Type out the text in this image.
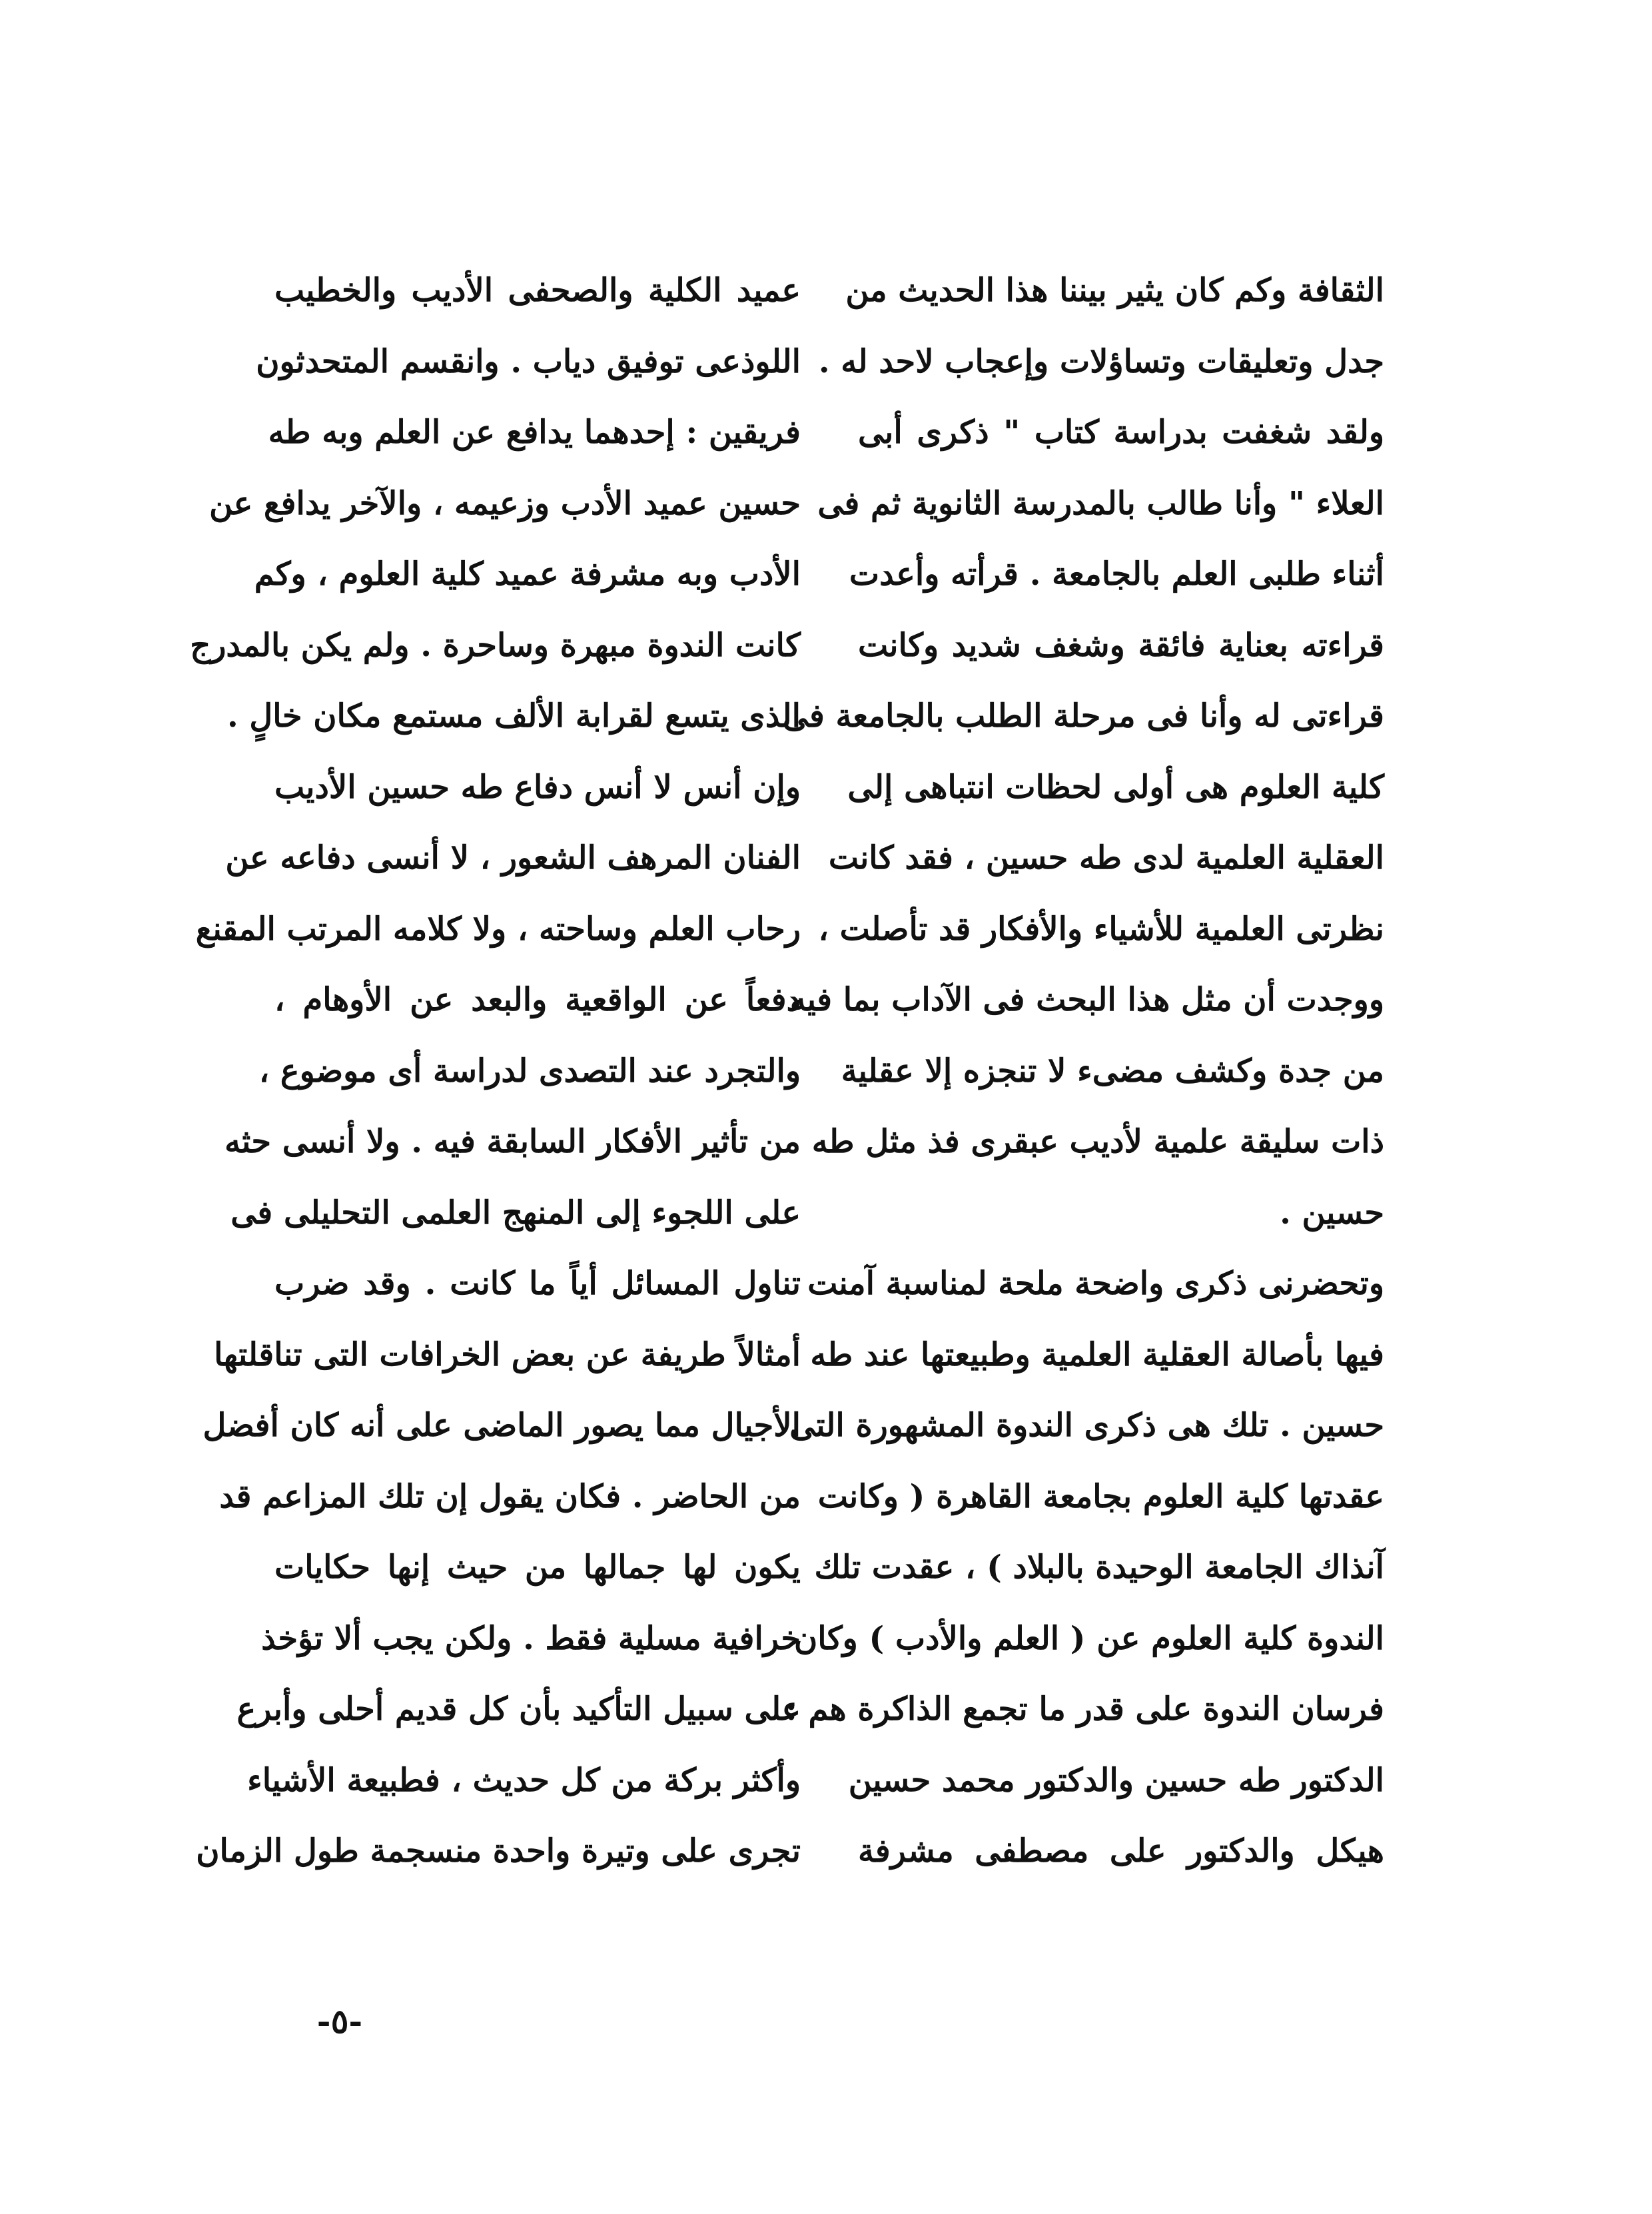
الثقافة وكم كان يثير بيننا هذا الحديث من
جدل وتعليقات وتساؤلات وإعجاب لاحد له .
ولقد شغفت بدراسة كتاب " ذكرى أبى
العلاء " وأنا طالب بالمدرسة الثانوية ثم فى
أثناء طلبى العلم بالجامعة . قرأته وأعدت
قراءته بعناية فائقة وشغف شديد وكانت
قراءتى له وأنا فى مرحلة الطلب بالجامعة فى
كلية العلوم هى أولى لحظات انتباهى إلى
العقلية العلمية لدى طه حسين ، فقد كانت
نظرتى العلمية للأشياء والأفكار قد تأصلت ،
ووجدت أن مثل هذا البحث فى الآداب بما فيه
من جدة وكشف مضىء لا تنجزه إلا عقلية
ذات سليقة علمية لأديب عبقرى فذ مثل طه
حسين .
وتحضرنى ذكرى واضحة ملحة لمناسبة آمنت
فيها بأصالة العقلية العلمية وطبيعتها عند طه
حسين . تلك هى ذكرى الندوة المشهورة التى
عقدتها كلية العلوم بجامعة القاهرة ( وكانت
آنذاك الجامعة الوحيدة بالبلاد ) ، عقدت تلك
الندوة كلية العلوم عن ( العلم والأدب ) وكان
فرسان الندوة على قدر ما تجمع الذاكرة هم :
الدكتور طه حسين والدكتور محمد حسين
هيكل والدكتور على مصطفى مشرفة
عميد الكلية والصحفى الأديب والخطيب
اللوذعى توفيق دياب . وانقسم المتحدثون
فريقين : إحدهما يدافع عن العلم وبه طه
حسين عميد الأدب وزعيمه ، والآخر يدافع عن
الأدب وبه مشرفة عميد كلية العلوم ، وكم
كانت الندوة مبهرة وساحرة . ولم يكن بالمدرج
الذى يتسع لقرابة الألف مستمع مكان خالٍ .
وإن أنس لا أنس دفاع طه حسين الأديب
الفنان المرهف الشعور ، لا أنسى دفاعه عن
رحاب العلم وساحته ، ولا كلامه المرتب المقنع
دفعاً عن الواقعية والبعد عن الأوهام ،
والتجرد عند التصدى لدراسة أى موضوع ،
من تأثير الأفكار السابقة فيه . ولا أنسى حثه
على اللجوء إلى المنهج العلمى التحليلى فى
تناول المسائل أياً ما كانت . وقد ضرب
أمثالاً طريفة عن بعض الخرافات التى تناقلتها
الأجيال مما يصور الماضى على أنه كان أفضل
من الحاضر . فكان يقول إن تلك المزاعم قد
يكون لها جمالها من حيث إنها حكايات
خرافية مسلية فقط . ولكن يجب ألا تؤخذ
على سبيل التأكيد بأن كل قديم أحلى وأبرع
وأكثر بركة من كل حديث ، فطبيعة الأشياء
تجرى على وتيرة واحدة منسجمة طول الزمان
-٥-
